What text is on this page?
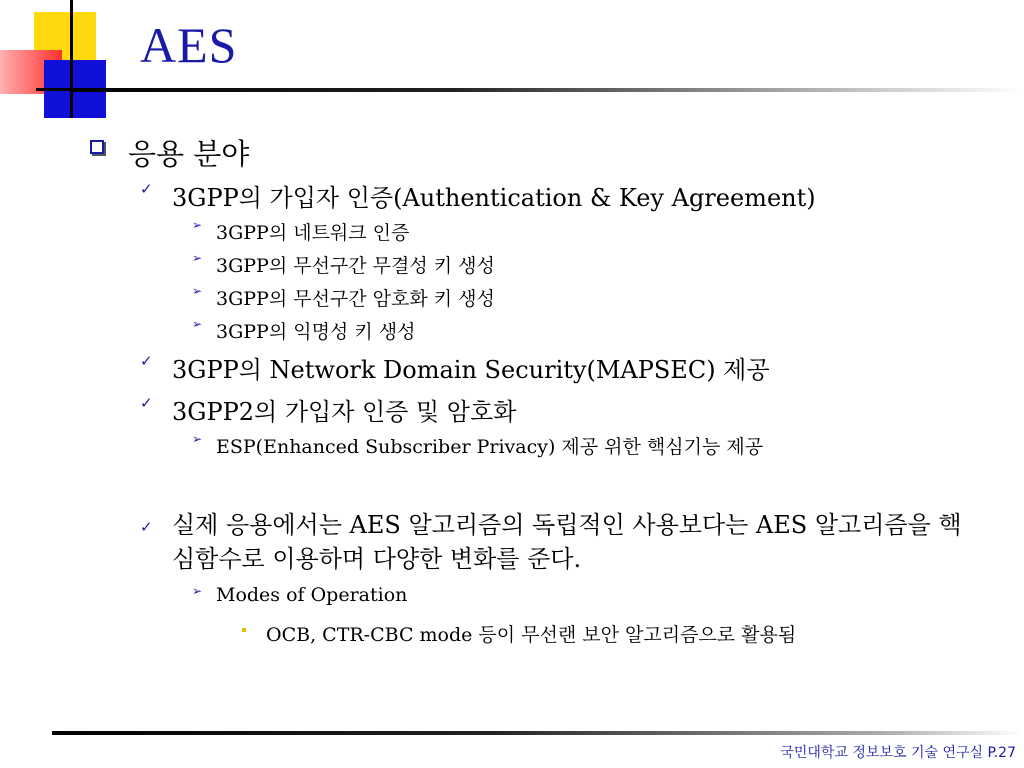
AES
응용 분야
✓ 3GPP의 가입자 인증(Authentication & Key Agreement)
➢ 3GPP의 네트워크 인증
➢ 3GPP의 무선구간 무결성 키 생성
➢ 3GPP의 무선구간 암호화 키 생성
➢ 3GPP의 익명성 키 생성
✓ 3GPP의 Network Domain Security(MAPSEC) 제공
✓ 3GPP2의 가입자 인증 및 암호화
➢ ESP(Enhanced Subscriber Privacy) 제공 위한 핵심기능 제공
✓ 실제 응용에서는 AES 알고리즘의 독립적인 사용보다는 AES 알고리즘을 핵심함수로 이용하며 다양한 변화를 준다.
➢ Modes of Operation
OCB, CTR-CBC mode 등이 무선랜 보안 알고리즘으로 활용됨
국민대학교 정보보호 기술 연구실 P.27
